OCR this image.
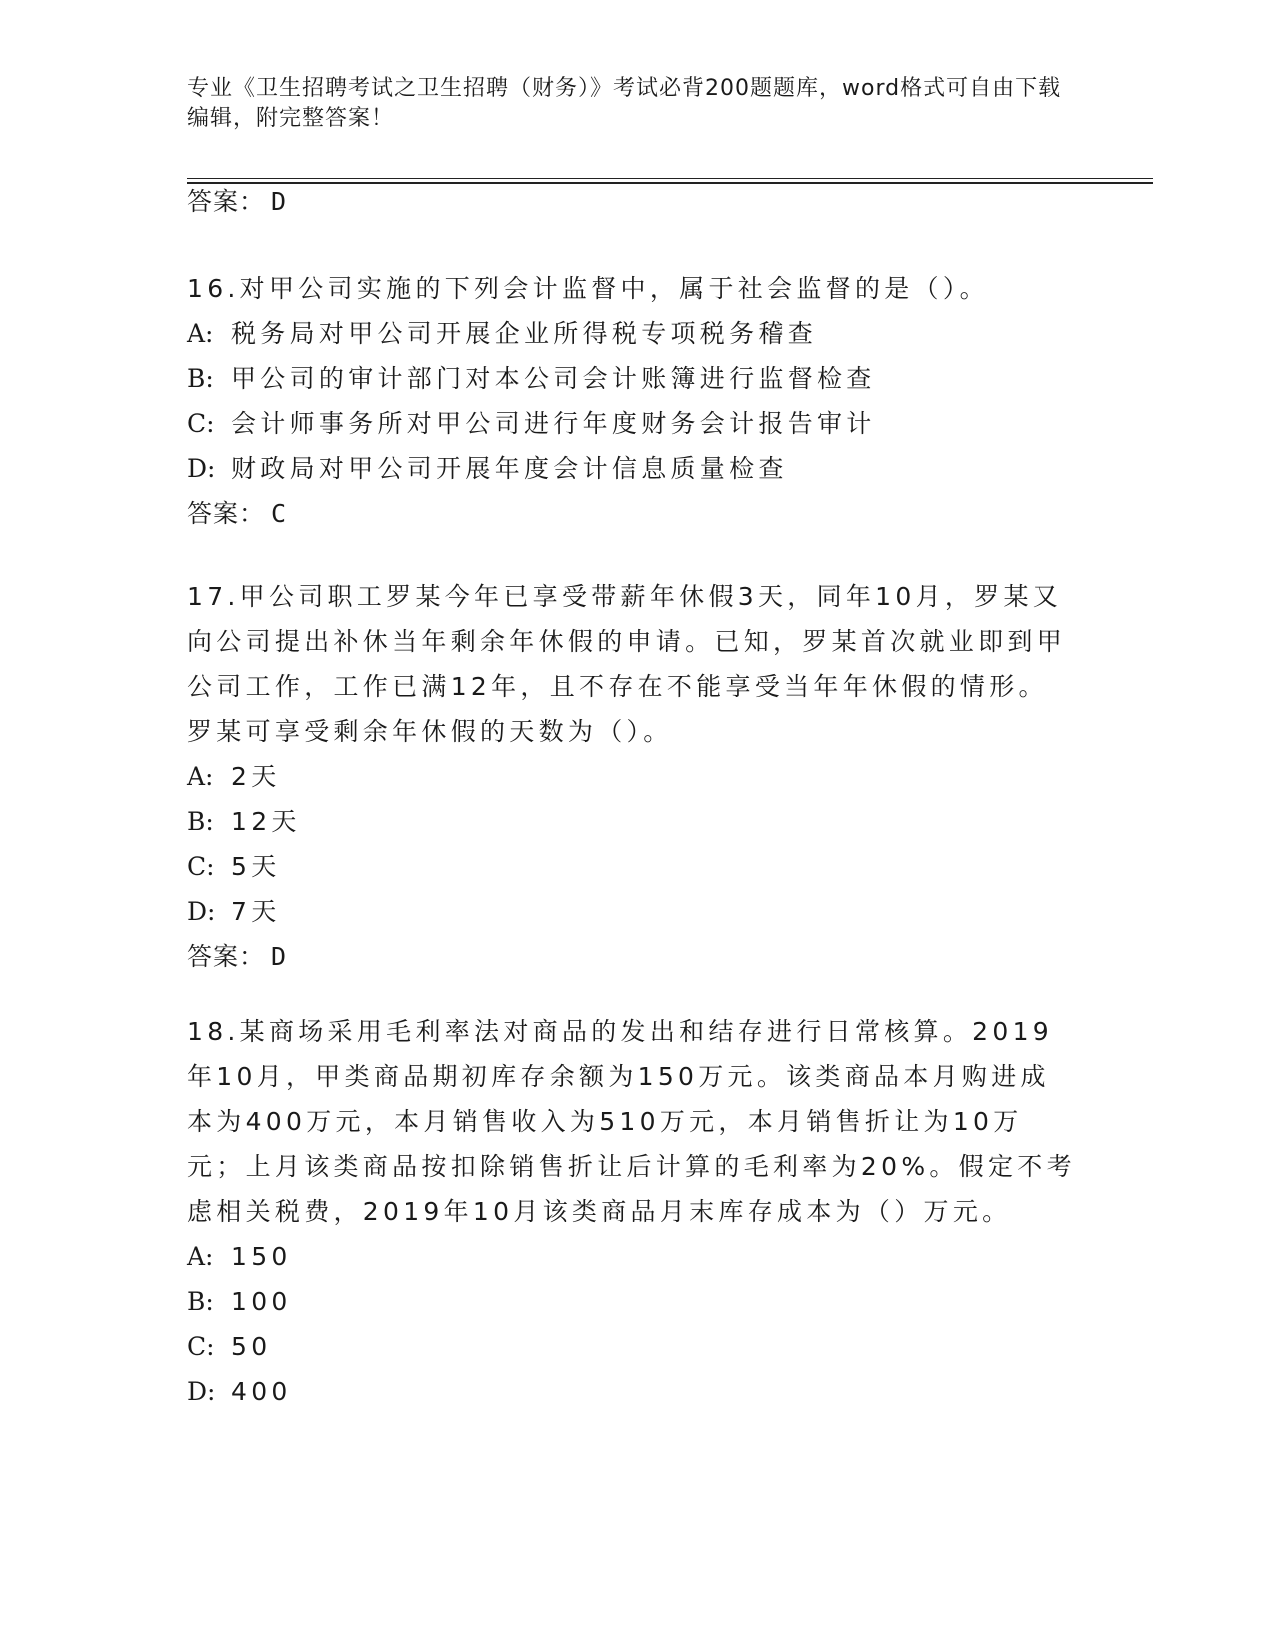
专业《卫生招聘考试之卫生招聘（财务）》考试必背200题题库，word格式可自由下载编辑，附完整答案！
答案： D

16.对甲公司实施的下列会计监督中，属于社会监督的是（）。

A: 税务局对甲公司开展企业所得税专项税务稽查

B: 甲公司的审计部门对本公司会计账簿进行监督检查

C: 会计师事务所对甲公司进行年度财务会计报告审计

D: 财政局对甲公司开展年度会计信息质量检查

答案： C

17.甲公司职工罗某今年已享受带薪年休假3天，同年10月，罗某又向公司提出补休当年剩余年休假的申请。已知，罗某首次就业即到甲公司工作，工作已满12年，且不存在不能享受当年年休假的情形。罗某可享受剩余年休假的天数为（）。

A: 2天

B: 12天

C: 5天

D: 7天

答案： D

18.某商场采用毛利率法对商品的发出和结存进行日常核算。2019年10月，甲类商品期初库存余额为150万元。该类商品本月购进成本为400万元，本月销售收入为510万元，本月销售折让为10万元；上月该类商品按扣除销售折让后计算的毛利率为20%。假定不考虑相关税费，2019年10月该类商品月末库存成本为（）万元。

A: 150

B: 100

C: 50

D: 400
